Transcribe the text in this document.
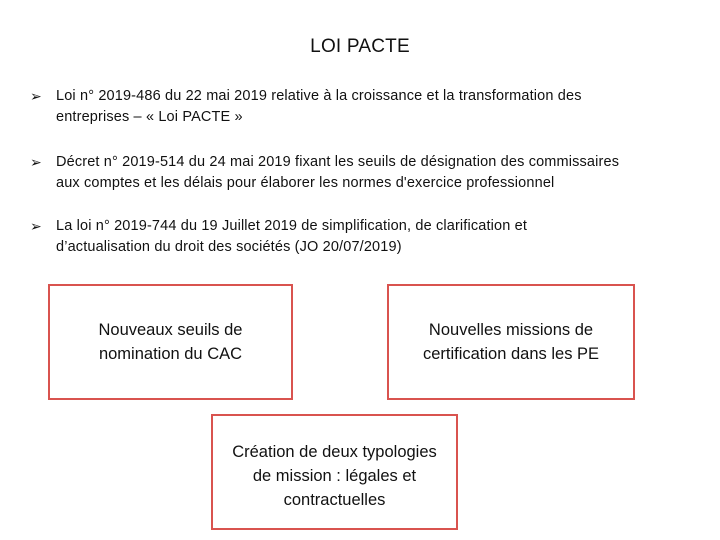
LOI PACTE
➢ Loi n° 2019-486 du 22 mai 2019 relative à la croissance et la transformation des
entreprises – « Loi PACTE »
➢ Décret n° 2019-514 du 24 mai 2019 fixant les seuils de désignation des commissaires
aux comptes et les délais pour élaborer les normes d'exercice professionnel
➢ La loi n° 2019-744 du 19 Juillet 2019 de simplification, de clarification et
d’actualisation du droit des sociétés (JO 20/07/2019)
Nouveaux seuils de
nomination du CAC
Nouvelles missions de
certification dans les PE
Création de deux typologies
de mission : légales et
contractuelles
